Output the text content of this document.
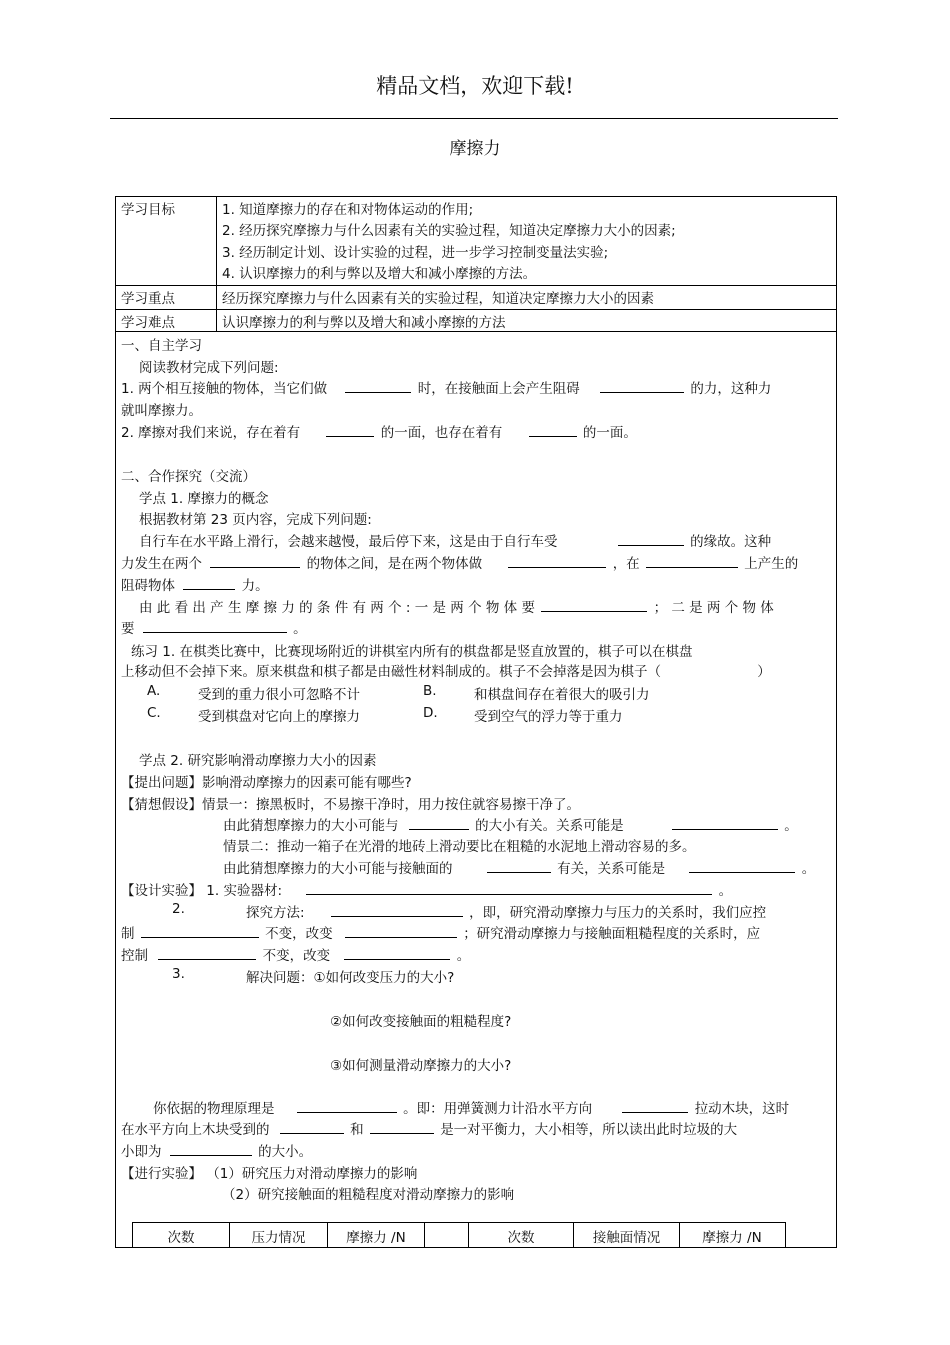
精品文档，欢迎下载!
摩擦力
学习目标	1. 知道摩擦力的存在和对物体运动的作用;
2. 经历探究摩擦力与什么因素有关的实验过程，知道决定摩擦力大小的因素;
3. 经历制定计划、设计实验的过程，进一步学习控制变量法实验;
4. 认识摩擦力的利与弊以及增大和减小摩擦的方法。
学习重点	经历探究摩擦力与什么因素有关的实验过程，知道决定摩擦力大小的因素
学习难点	认识摩擦力的利与弊以及增大和减小摩擦的方法
一、自主学习
阅读教材完成下列问题:
1. 两个相互接触的物体，当它们做	时，在接触面上会产生阻碍	的力，这种力
就叫摩擦力。
2. 摩擦对我们来说，存在着有	的一面，也存在着有	的一面。
二、合作探究（交流）
学点 1. 摩擦力的概念
根据教材第 23 页内容，完成下列问题:
自行车在水平路上滑行，会越来越慢，最后停下来，这是由于自行车受	的缘故。这种
力发生在两个	的物体之间，是在两个物体做	，在	上产生的
阻碍物体	力。
由 此 看 出 产 生 摩 擦 力 的 条 件 有 两 个 : 一 是 两 个 物 体 要	； 二 是 两 个 物 体
要	。
练习 1. 在棋类比赛中，比赛现场附近的讲棋室内所有的棋盘都是竖直放置的，棋子可以在棋盘
上移动但不会掉下来。原来棋盘和棋子都是由磁性材料制成的。棋子不会掉落是因为棋子（	）
A.	受到的重力很小可忽略不计	B.	和棋盘间存在着很大的吸引力
C.	受到棋盘对它向上的摩擦力	D.	受到空气的浮力等于重力
学点 2. 研究影响滑动摩擦力大小的因素
【提出问题】影响滑动摩擦力的因素可能有哪些?
【猜想假设】情景一：擦黑板时，不易擦干净时，用力按住就容易擦干净了。
由此猜想摩擦力的大小可能与	的大小有关。关系可能是	。
情景二：推动一箱子在光滑的地砖上滑动要比在粗糙的水泥地上滑动容易的多。
由此猜想摩擦力的大小可能与接触面的	有关，关系可能是	。
【设计实验】 1. 实验器材:	。
2.	探究方法:	，即，研究滑动摩擦力与压力的关系时，我们应控
制	不变，改变	；研究滑动摩擦力与接触面粗糙程度的关系时，应
控制	不变，改变	。
3.	解决问题：①如何改变压力的大小?
②如何改变接触面的粗糙程度?
③如何测量滑动摩擦力的大小?
你依据的物理原理是	。即：用弹簧测力计沿水平方向	拉动木块，这时
在水平方向上木块受到的	和	是一对平衡力，大小相等，所以读出此时垃圾的大
小即为	的大小。
【进行实验】 （1）研究压力对滑动摩擦力的影响
（2）研究接触面的粗糙程度对滑动摩擦力的影响
次数	压力情况	摩擦力 /N	次数	接触面情况	摩擦力 /N
